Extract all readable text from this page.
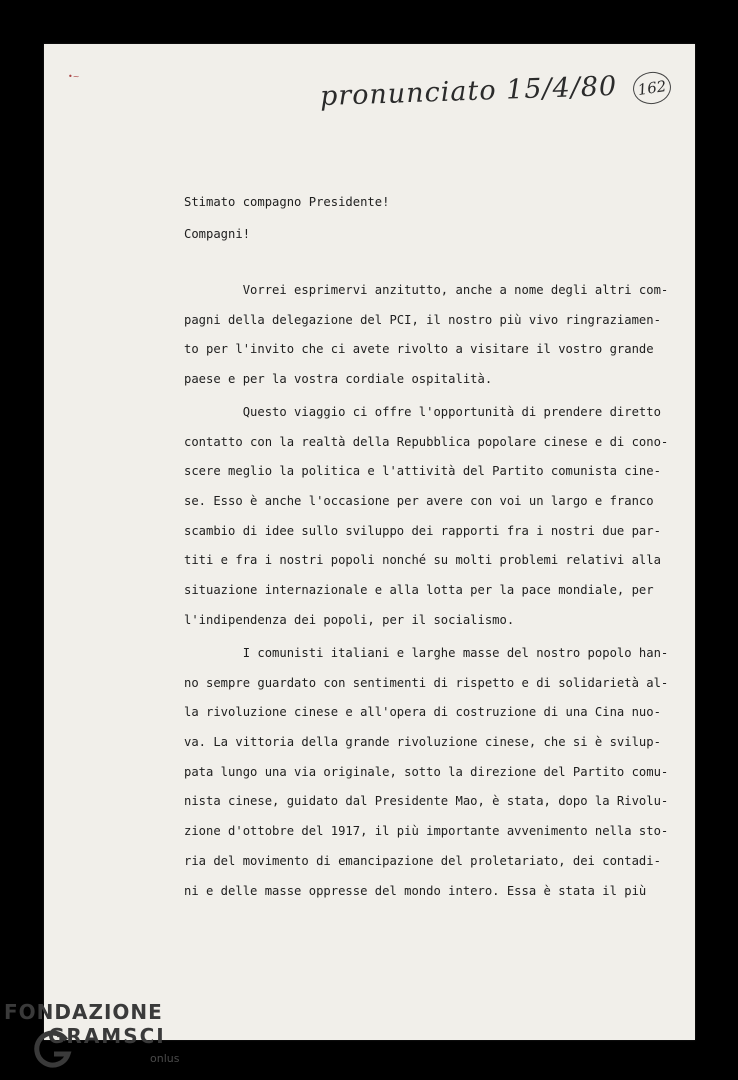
•~	pronunciato 15/4/80	162
Stimato compagno Presidente!
Compagni!
Vorrei esprimervi anzitutto, anche a nome degli altri com-
pagni della delegazione del PCI, il nostro più vivo ringraziamen-
to per l'invito che ci avete rivolto a visitare il vostro grande
paese e per la vostra cordiale ospitalità.
Questo viaggio ci offre l'opportunità di prendere diretto
contatto con la realtà della Repubblica popolare cinese e di cono-
scere meglio la politica e l'attività del Partito comunista cine-
se. Esso è anche l'occasione per avere con voi un largo e franco
scambio di idee sullo sviluppo dei rapporti fra i nostri due par-
titi e fra i nostri popoli nonché su molti problemi relativi alla
situazione internazionale e alla lotta per la pace mondiale, per
l'indipendenza dei popoli, per il socialismo.
I comunisti italiani e larghe masse del nostro popolo han-
no sempre guardato con sentimenti di rispetto e di solidarietà al-
la rivoluzione cinese e all'opera di costruzione di una Cina nuo-
va. La vittoria della grande rivoluzione cinese, che si è svilup-
pata lungo una via originale, sotto la direzione del Partito comu-
nista cinese, guidato dal Presidente Mao, è stata, dopo la Rivolu-
zione d'ottobre del 1917, il più importante avvenimento nella sto-
ria del movimento di emancipazione del proletariato, dei contadi-
ni e delle masse oppresse del mondo intero. Essa è stata il più
FONDAZIONE
GRAMSCI
onlus
